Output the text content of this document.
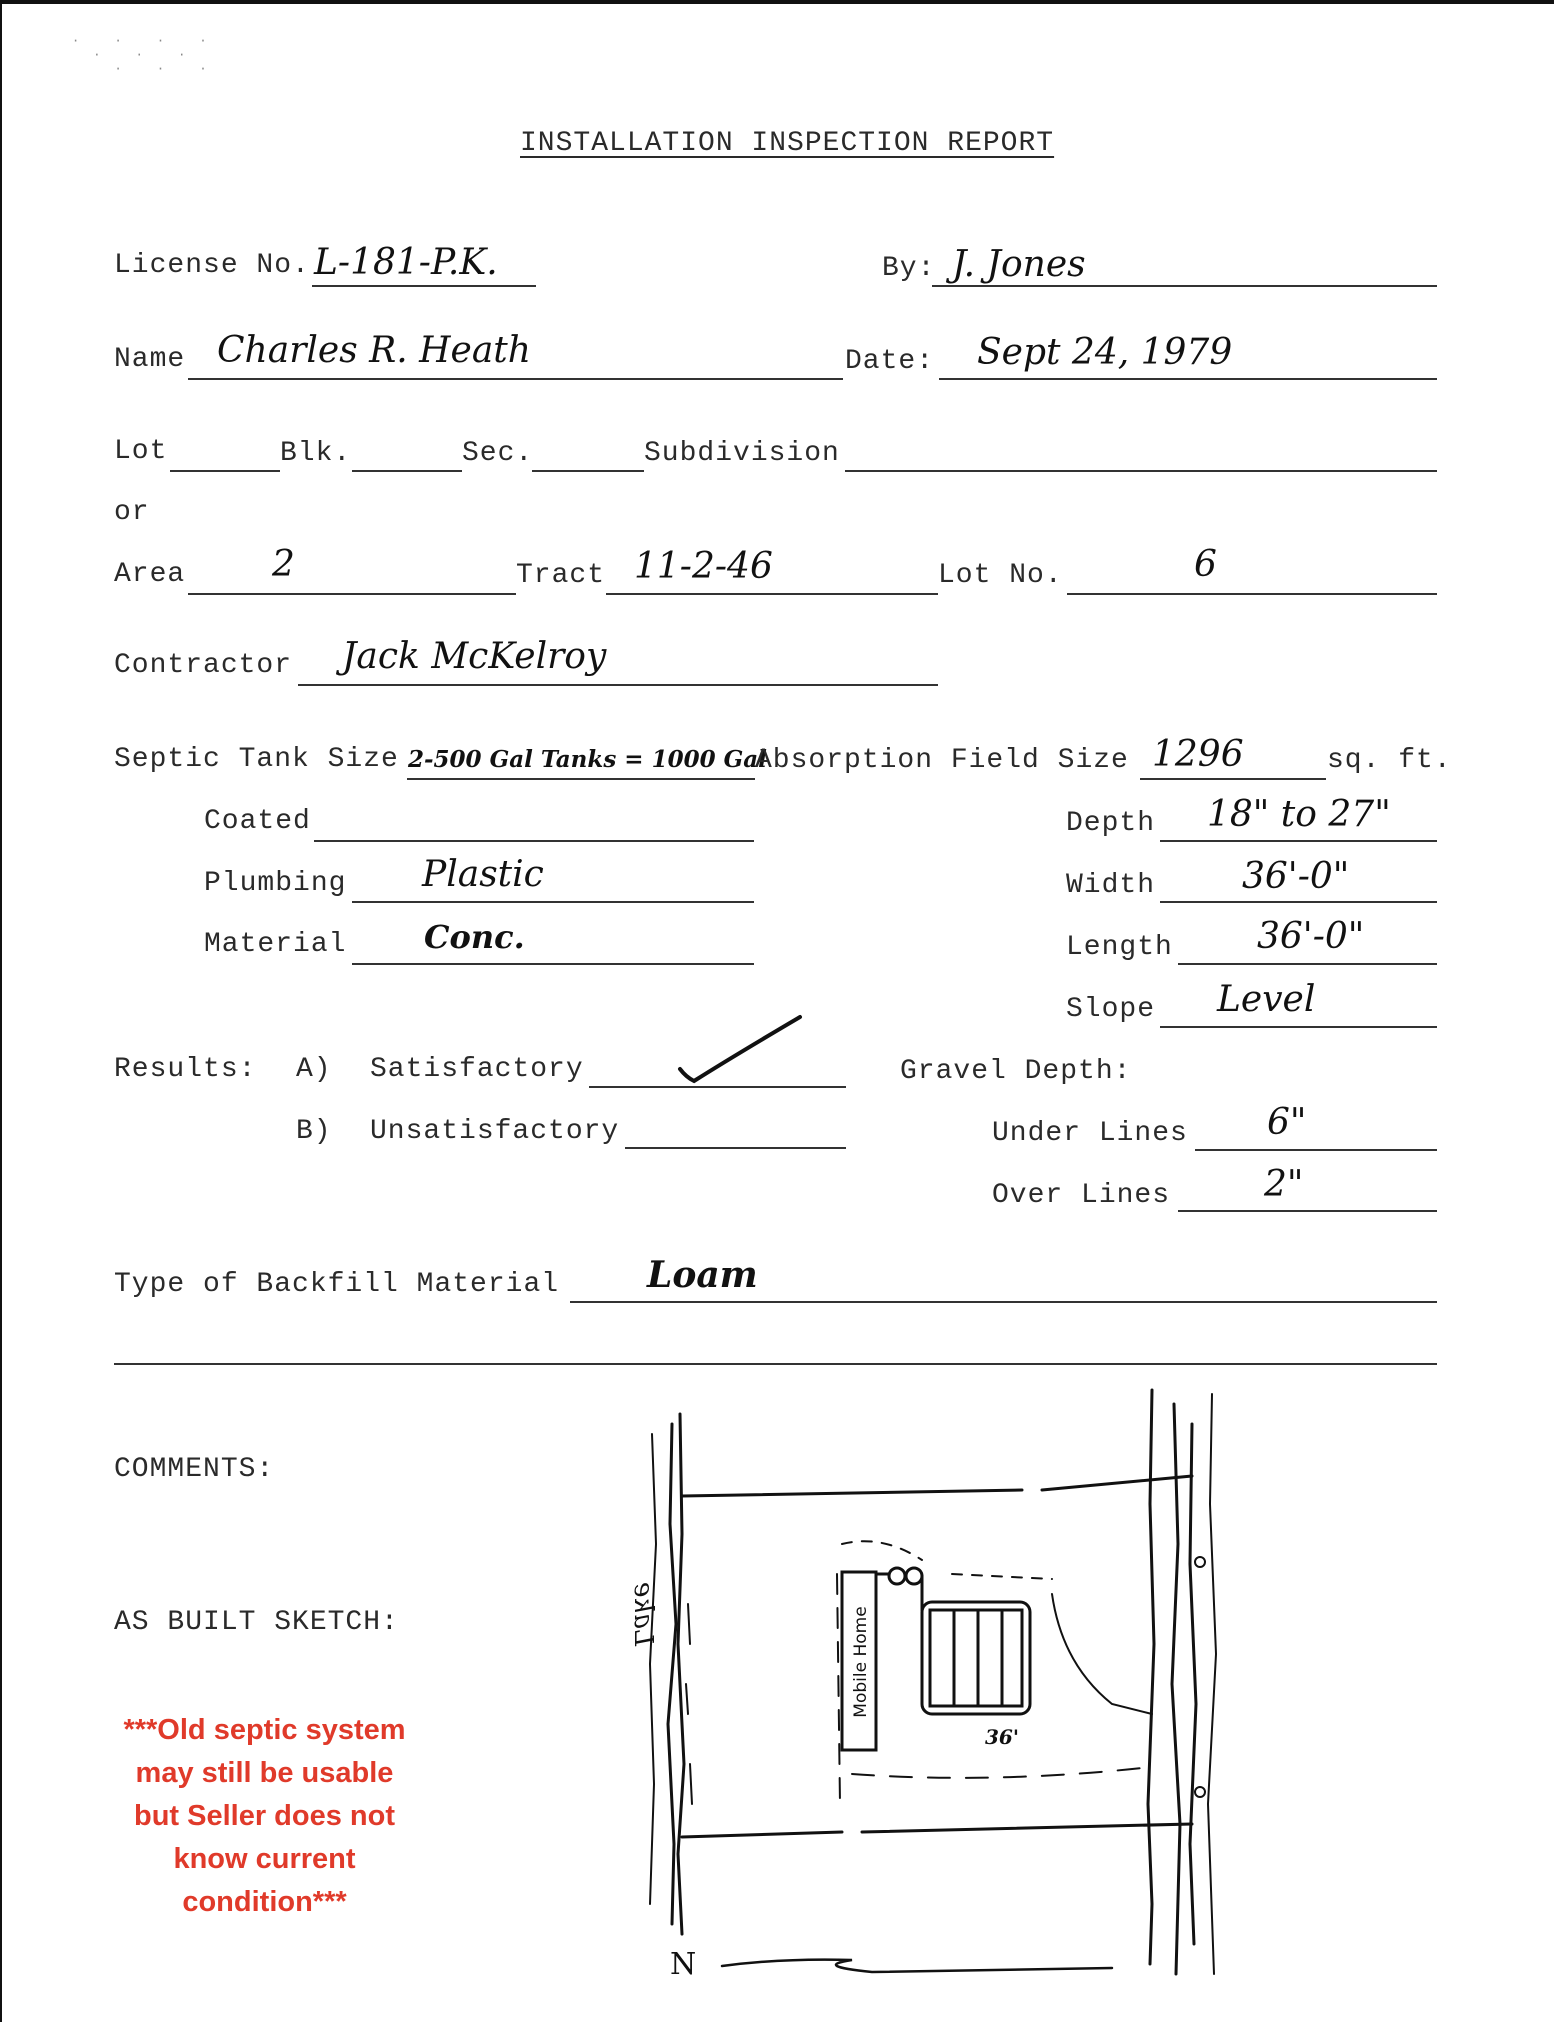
· · · ·
· · ·
· · ·
INSTALLATION INSPECTION REPORT
License No. L-181-P.K.	By: J. Jones
Name Charles R. Heath	Date: Sept 24, 1979
Lot	Blk.	Sec.	Subdivision
or
Area 2	Tract 11-2-46	Lot No.	6
Contractor Jack McKelroy
Septic Tank Size 2-500 Gal Tanks = 1000 Gal
Absorption Field Size 1296	sq. ft.
Coated	Depth 18" to 27"
Plumbing Plastic	Width 36'-0"
Material Conc.	Length 36'-0"
Slope Level
Results: A) Satisfactory	Gravel Depth:
B) Unsatisfactory	Under Lines 6"
Over Lines	2"
Type of Backfill Material Loam
COMMENTS:
AS BUILT SKETCH:
***Old septic system
may still be usable
but Seller does not
know current
condition***
Lake	Mobile Home
36'
N
